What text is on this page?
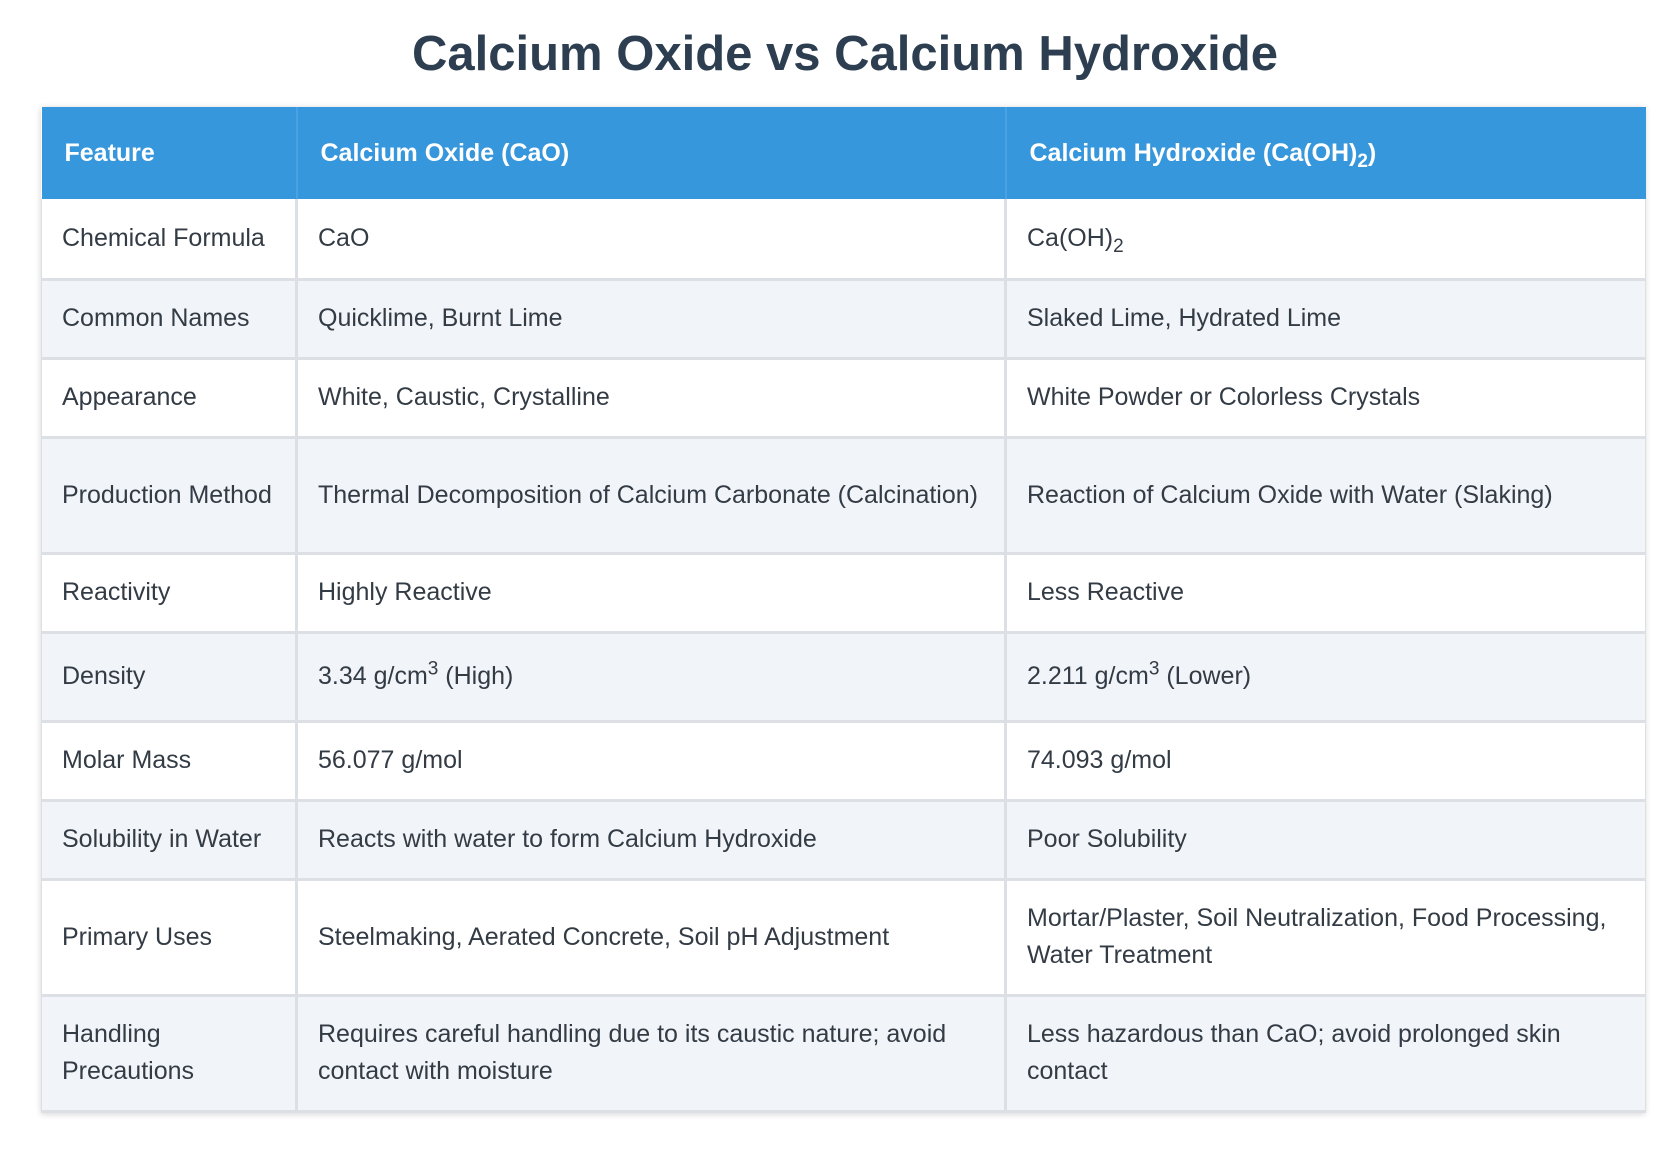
Calcium Oxide vs Calcium Hydroxide
Feature	Calcium Oxide (CaO)	Calcium Hydroxide $(Ca(OH)_2)$
Chemical Formula	CaO	$Ca(OH)_2$
Common Names	Quicklime, Burnt Lime	Slaked Lime, Hydrated Lime
Appearance	White, Caustic, Crystalline	White Powder or Colorless Crystals
Production Method	Thermal Decomposition of Calcium Carbonate (Calcination)	Reaction of Calcium Oxide with Water (Slaking)
Reactivity	Highly Reactive	Less Reactive
Density	3.34 $g/cm^3$ (High)	2.211 $g/cm^3$ (Lower)
Molar Mass	56.077 g/mol	74.093 g/mol
Solubility in Water	Reacts with water to form Calcium Hydroxide	Poor Solubility
Primary Uses	Steelmaking, Aerated Concrete, Soil pH Adjustment	Mortar/Plaster, Soil Neutralization, Food Processing, Water Treatment
Handling Precautions	Requires careful handling due to its caustic nature; avoid contact with moisture	Less hazardous than CaO; avoid prolonged skin contact
